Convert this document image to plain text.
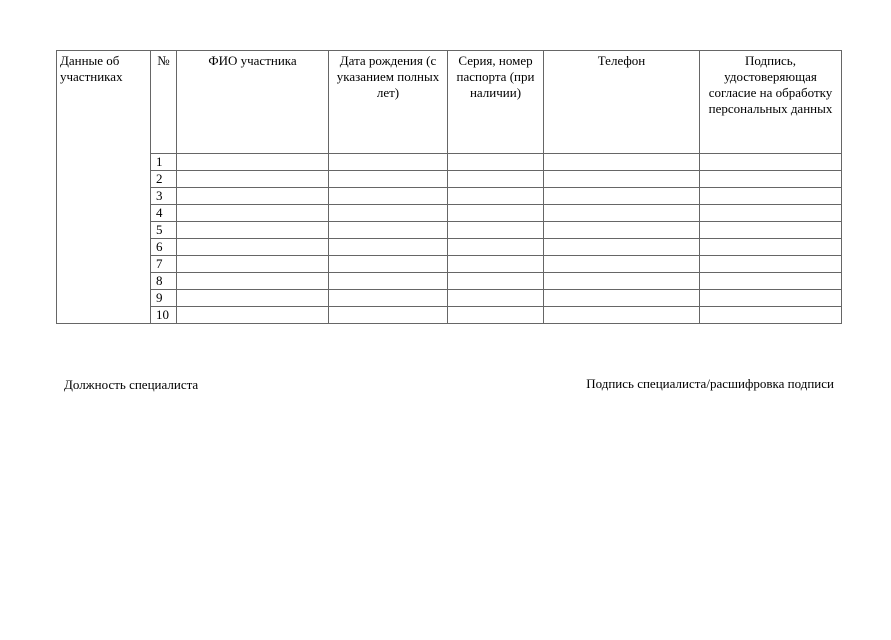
Данные об участниках	№	ФИО участника	Дата рождения (с указанием полных лет)	Серия, номер паспорта (при наличии)	Телефон	Подпись, удостоверяющая согласие на обработку персональных данных
	1					
	2					
	3					
	4					
	5					
	6					
	7					
	8					
	9					
	10					
Должность специалиста	Подпись специалиста/расшифровка подписи
